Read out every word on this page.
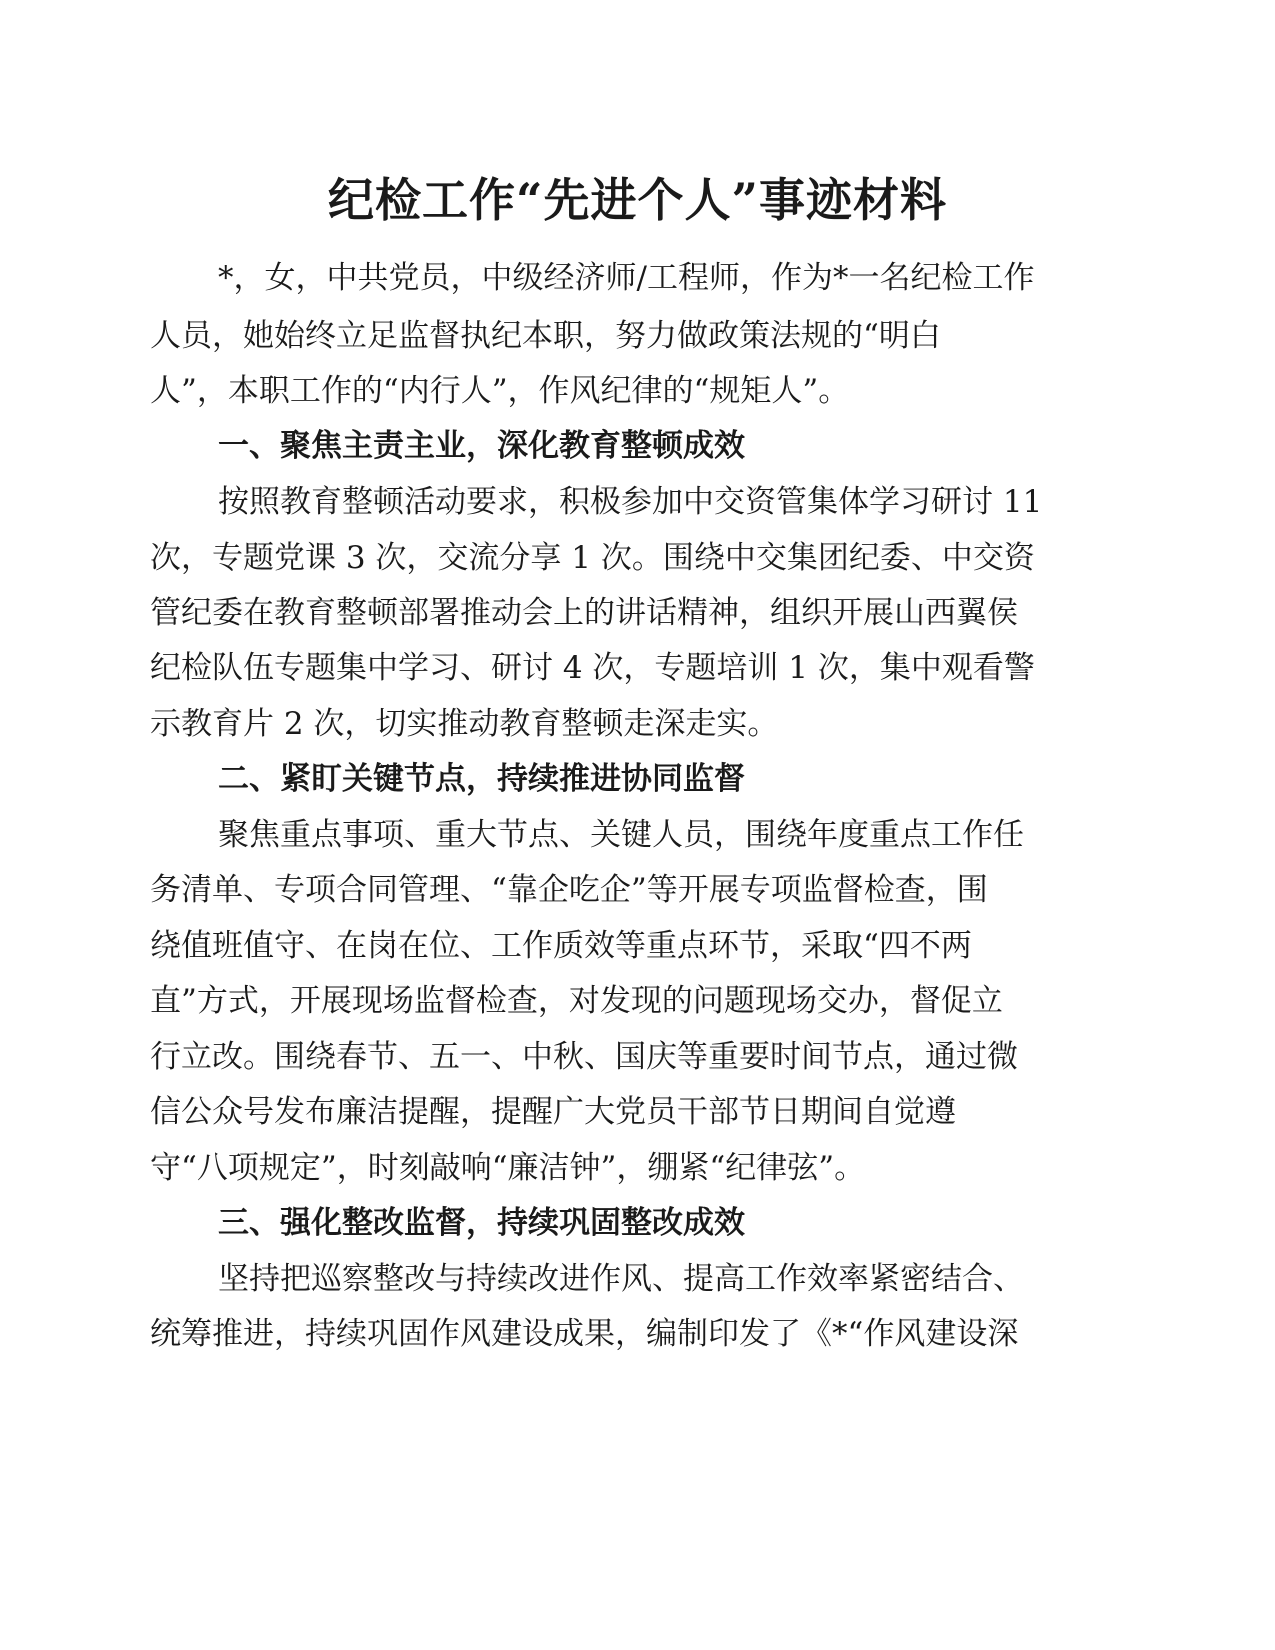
纪检工作“先进个人”事迹材料
*，女，中共党员，中级经济师/工程师，作为*一名纪检工作
人员，她始终立足监督执纪本职，努力做政策法规的“明白
人”，本职工作的“内行人”，作风纪律的“规矩人”。
一、聚焦主责主业，深化教育整顿成效
按照教育整顿活动要求，积极参加中交资管集体学习研讨 11
次，专题党课 3 次，交流分享 1 次。围绕中交集团纪委、中交资
管纪委在教育整顿部署推动会上的讲话精神，组织开展山西翼侯
纪检队伍专题集中学习、研讨 4 次，专题培训 1 次，集中观看警
示教育片 2 次，切实推动教育整顿走深走实。
二、紧盯关键节点，持续推进协同监督
聚焦重点事项、重大节点、关键人员，围绕年度重点工作任
务清单、专项合同管理、“靠企吃企”等开展专项监督检查，围
绕值班值守、在岗在位、工作质效等重点环节，采取“四不两
直”方式，开展现场监督检查，对发现的问题现场交办，督促立
行立改。围绕春节、五一、中秋、国庆等重要时间节点，通过微
信公众号发布廉洁提醒，提醒广大党员干部节日期间自觉遵
守“八项规定”，时刻敲响“廉洁钟”，绷紧“纪律弦”。
三、强化整改监督，持续巩固整改成效
坚持把巡察整改与持续改进作风、提高工作效率紧密结合、
统筹推进，持续巩固作风建设成果，编制印发了《*“作风建设深
